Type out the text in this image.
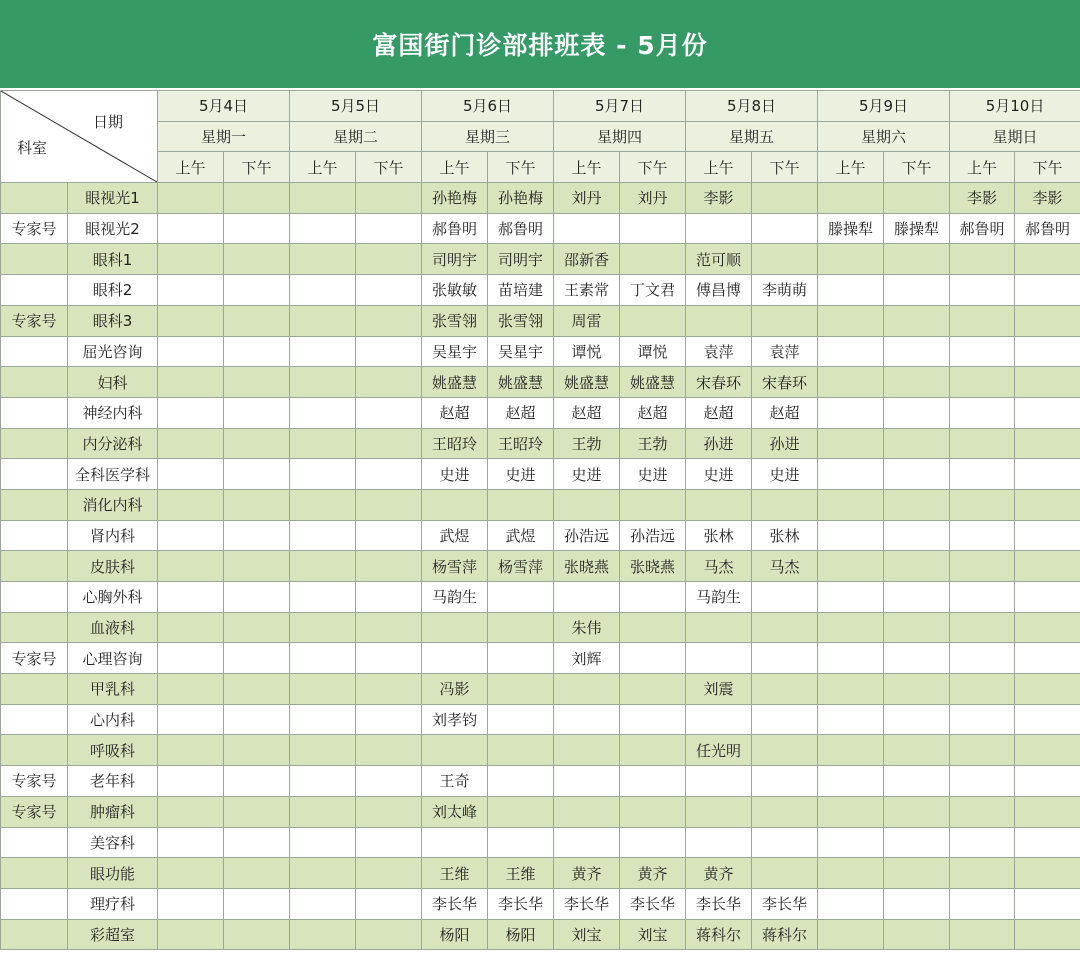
富国街门诊部排班表 - 5月份
日期
科室		5月4日		5月5日		5月6日		5月7日		5月8日		5月9日		5月10日	
		星期一		星期二		星期三		星期四		星期五		星期六		星期日	
		上午	下午	上午	下午	上午	下午	上午	下午	上午	下午	上午	下午	上午	下午
	眼视光1					孙艳梅	孙艳梅	刘丹	刘丹	李影				李影	李影
专家号	眼视光2					郝鲁明	郝鲁明					滕操犁	滕操犁	郝鲁明	郝鲁明
	眼科1					司明宇	司明宇	邵新香		范可顺					
	眼科2					张敏敏	苗培建	王素常	丁文君	傅昌博	李萌萌				
专家号	眼科3					张雪翎	张雪翎	周雷							
	屈光咨询					吴星宇	吴星宇	谭悦	谭悦	袁萍	袁萍				
	妇科					姚盛慧	姚盛慧	姚盛慧	姚盛慧	宋春环	宋春环				
	神经内科					赵超	赵超	赵超	赵超	赵超	赵超				
	内分泌科					王昭玲	王昭玲	王勃	王勃	孙进	孙进				
	全科医学科					史进	史进	史进	史进	史进	史进				
	消化内科														
	肾内科					武煜	武煜	孙浩远	孙浩远	张林	张林				
	皮肤科					杨雪萍	杨雪萍	张晓燕	张晓燕	马杰	马杰				
	心胸外科					马韵生				马韵生					
	血液科							朱伟							
专家号	心理咨询							刘辉							
	甲乳科					冯影				刘震					
	心内科					刘孝钧									
	呼吸科									任光明					
专家号	老年科					王奇									
专家号	肿瘤科					刘太峰									
	美容科														
	眼功能					王维	王维	黄齐	黄齐	黄齐					
	理疗科					李长华	李长华	李长华	李长华	李长华	李长华				
	彩超室					杨阳	杨阳	刘宝	刘宝	蒋科尔	蒋科尔				
